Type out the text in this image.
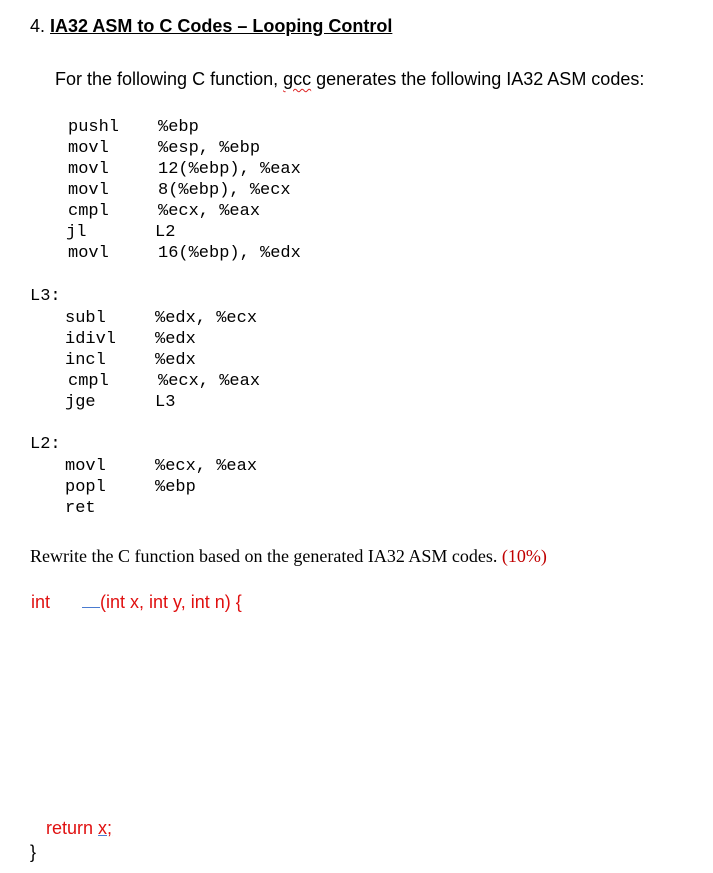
4. IA32 ASM to C Codes – Looping Control
For the following C function, gcc generates the following IA32 ASM codes:
pushl %ebp
movl	%esp, %ebp
movl	12(%ebp), %eax
movl	8(%ebp), %ecx
cmpl	%ecx, %eax
jl	L2
movl	16(%ebp), %edx
L3:
subl	%edx, %ecx
idivl %edx
incl	%edx
cmpl	%ecx, %eax
jge	L3
L2:
movl	%ecx, %eax
popl	%ebp
ret
Rewrite the C function based on the generated IA32 ASM codes. (10%)
int	(int x, int y, int n) {
return x;
}
